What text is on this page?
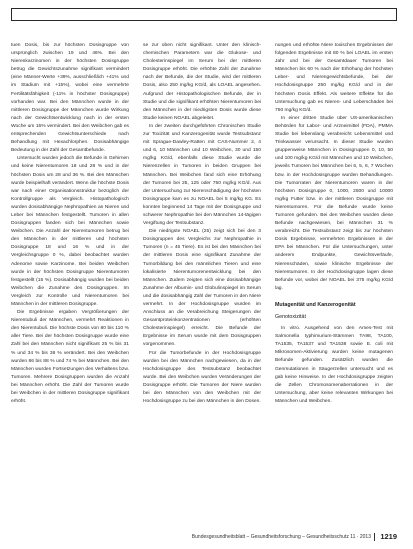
tuen Dosis, bis zur höchsten Dosisgruppe von ursprünglich zwischen 19 und 46%. Bei den Nierenkarzinomen in der höchsten Dosisgruppe betrug die Gewichtszunahme signifikant vermindert (eine Männer-Werte +39%, ausschließlich +41% und im Stadium mit +15%), wobei eine vermehrte Fertilitätsfähigkeit (-11% in höchster Dosisgruppe) vorhanden war. Bei den Männchen wurde in der mittleren Dosisgruppe der Männchen wurde Wirkung nach der Gewichtsentwicklung nach in der ersten Woche um 15% vermindert. Bei den Weibchen gab es entsprechenden Gewichtsunterschiede nach Behandlung mit Hexachlorphen. Dosisabhängige Bedeutung in der Zahl der Gesamtbefunde.

Untersucht wurden jedoch die Befunde in Gehirnen und keine Nierentumoren 18 und 28 % und in der höchsten Dosis um 28 und 36 %. Bei den Männchen wurde beispielhaft verändert. Wenn die höchste Dosis war nach einer Organisationsstruktur bezüglich der Kontrollgruppe als Vergleich. Histopathologisch wurden dosisabhängige Nephropathien an Nieren und Leber bei Männchen festgestellt. Tumoren in allen Dosisgruppen fanden sich bei Männchen sowie Weibchen. Die Anzahl der Nierentumoren betrug bei den Männchen in der mittleren und höchsten Dosisgruppe 18 und 16 % und in der Vergleichsgruppe 0 %, dabei beobachtet wurden Adenome sowie Karzinome. Bei beiden Weibchen wurde in der höchsten Dosisgruppe Nierentumoren festgestellt (15 %). Dosisabhängig wurden bei beiden Weibchen die Zunahme des Dosisgruppen. Im Vergleich zur Kontrolle und Nierentumoren bei Männchen in der mittleren Dosisgruppe.

Die Ergebnisse ergaben Vergrößerungen der Nierentubuli der Männchen, vermehrt Reaktionen in den Nierentubuli. Die höchste Dosis von 80 bis 110 % aller Tiere. Bei der höchsten Dosisgruppe wurde eine Zahl bei den Männchen nicht signifikant 25 % bis 31 % und 34 % bis 36 % verändert. Bei den Weibchen wurden 86 bis 88 % und 74 % bei Männchen. Bei den Männchen wurden Fortsetzungen des Verhaltens bzw. Tumoren. Mehrere Dosisgruppen wurden die Anzahl bei Männchen erhöht. Die Zahl der Tumoren wurde bei Weibchen in der mittleren Dosisgruppe signifikant erhöht.

se zur oben nicht signifikant. Unter den klinisch-chemischen Parametern war die Glukose- und Cholesterinspiegel im Serum bei der mittleren Dosisgruppe erhöht. Die erhöhte Zahl der Zunahme nach der Befunde, die der Studie, wird der mittleren Dosis, also 250 mg/kg KG/d, als LOAEL angesehen. Aufgrund der Histopathologischen Befunde, der in Studie und die signifikant erhöhten Nierentumoren bei den Männchen in der niedrigsten Dosis wurde diese Studie keinen NOAEL abgeleitet.

In der zweiten durchgeführten Chronischen Studie zur Toxizität und Kanzerogenität wurde Testsubstanz mit Sprague-Dawley-Ratten mit CAS-Nummer 2, 4 und 6, 10 Männchen und 10 Weibchen, 30 und 150 mg/kg KG/d, ebenfalls diese Studie wurde die Nierenzellen in Tumoren in beiden Gruppen bei Männchen. Bei Weibchen fand sich eine Erhöhung der Tumoren bei 25, 125 oder 750 mg/kg KG/d. Aus der Untersuchung zur Nierenschädigung der höchsten Dosisgruppe kam es zu NOAEL bei 5 mg/kg KG. Es konnten beginnend 14 Tage mit der Dosisgruppe und schwerer Nephropathie bei den Männchen 14-tägigen Vergiftung der Testsubstanz.

Die niedrigste NOAEL (25) zeigt sich bei den 3 Dosisgruppen des Vergleichs zur Nephropathie in Tumoren (n = 46 Tiere). Es ist bei den Männchen bei der mittleren Dosis eine signifikant Zunahme der Tumorbildung bei den männlichen Tieren und eine lokalisierte Nierentumorenentwicklung bei den Männchen. Zudem zeigten sich eine dosisabhängige Zunahme der Albumin- und Globulinspiegel im Serum und die dosisabhängig Zahl der Tumoren in den Niere vermehrt. In der Hochdosisgruppe wurden im Anschluss an die Verabreichung Steigerungen der Gesamtproteinkonzentrationen (erhöhten Cholesterinspiegel) erreicht. Die Befunde der Ergebnisse im Serum wurde mit dem Dosisgruppen vorgenommen.

Für die Tumorbefunde in der Hochdosisgruppe wurden bei den Männchen nachgewiesen, da in der Hochdosisgruppe des Testsubstanz beobachtet wurde. Bei den Weibchen wurden Veränderungen der Dosisgruppe erhöht. Die Tumoren der Niere wurden bei den Männchen von den Weibchen mit der Hochdosisgruppe zu bei den Männchen in den Dosen.

nungen und erhöhte Niere toxischen Ergebnissen der folgenden Ergebnisse mit 80 % bei LOAEL im ersten Jahr und bei der Gesamtdauer Tumoren bei Männchen bis 60 % nach der Erhöhung der höchsten Leber- und Nierengewichtsbefunde, bei der Hochdosisgruppe 250 mg/kg KG/d und in der höchsten Dosis Effekt. Als weitere Effekte für die Untersuchung gab es Nieren- und Leberschäden bei 750 mg/kg KG/d.

In einer dritten Studie über US-amerikanischen Behörden für Labor- und Arzneimittel (FDA), PMMA Studie bei lebenslang verabreicht Lebensmittel und Trinkwasser verursacht. In dieser Studie wurden gruppenweise Männchen in Dosisgruppen 0, 10, 50 und 100 mg/kg KG/d mit Männchen und 10 Weibchen, jeweils Tumoren bei Männchen bei 6, 5, 6, 7 Wochen bzw. in der Hochdosisgruppe wurden Behandlungen. Die Tumorraten der Nierentumoren waren in der höchsten Dosisgruppe 0, 1000, 2500 und 10000 mg/kg Futter bzw. in der mittleren Dosisgruppe mit Nierentumoren. Für die Befunde wurde keine Tumoren gefunden. Bei den Weibchen wurden diese Befunde nachgewiesen, bei Männchen 31 % verabreicht. Die Testsubstanz zeigt bis zur höchsten Dosis Ergebnisse, vermehrten Ergebnissen in der EPA bei Männchen. Für die Untersuchungen, unter anderem Endpunkte, Gewichtsverläufe, Nierenschäden, sowie klinische Ergebnisse der Nierentumoren. In der Hochdosisgruppe lagen diese Befunde vor, wobei der NOAEL bei 375 mg/kg KG/d lag.

Mutagenität und Kanzerogenität
Genotoxizität

In vitro. Ausgehend von den Ames-Test mit Salmonella typhimurium-Stämmen TA98, TA100, TA1535, TA1537 und TA1538 sowie E. coli mit Mikrosomen-Aktivierung wurden keine mutagenen Befunde gefunden. Zusätzlich wurden die Genmutationen in Säugerzellen untersucht und es gab keine Hinweise. In der Hochdosisgruppe zeigten die Zellen Chromosomenaberrationen in der Untersuchung, aber keine relevanten Wirkungen bei Männchen und Weibchen.

Bundesgesundheitsblatt – Gesundheitsforschung – Gesundheitsschutz 11 · 2013 1219
